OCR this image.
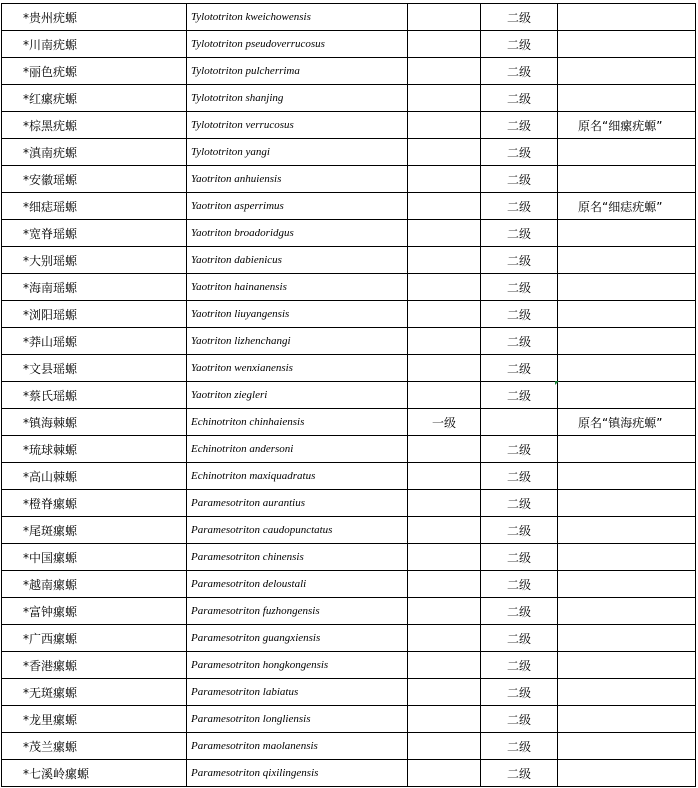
*贵州疣螈	Tylototriton kweichowensis		二级	
*川南疣螈	Tylototriton pseudoverrucosus		二级	
*丽色疣螈	Tylototriton pulcherrima		二级	
*红瘰疣螈	Tylototriton shanjing		二级	
*棕黑疣螈	Tylototriton verrucosus		二级	原名“细瘰疣螈”
*滇南疣螈	Tylototriton yangi		二级	
*安徽瑶螈	Yaotriton anhuiensis		二级	
*细痣瑶螈	Yaotriton asperrimus		二级	原名“细痣疣螈”
*宽脊瑶螈	Yaotriton broadoridgus		二级	
*大别瑶螈	Yaotriton dabienicus		二级	
*海南瑶螈	Yaotriton hainanensis		二级	
*浏阳瑶螈	Yaotriton liuyangensis		二级	
*莽山瑶螈	Yaotriton lizhenchangi		二级	
*文县瑶螈	Yaotriton wenxianensis		二级	
*蔡氏瑶螈	Yaotriton ziegleri		二级	
*镇海棘螈	Echinotriton chinhaiensis	一级		原名“镇海疣螈”
*琉球棘螈	Echinotriton andersoni		二级	
*高山棘螈	Echinotriton maxiquadratus		二级	
*橙脊瘰螈	Paramesotriton aurantius		二级	
*尾斑瘰螈	Paramesotriton caudopunctatus		二级	
*中国瘰螈	Paramesotriton chinensis		二级	
*越南瘰螈	Paramesotriton deloustali		二级	
*富钟瘰螈	Paramesotriton fuzhongensis		二级	
*广西瘰螈	Paramesotriton guangxiensis		二级	
*香港瘰螈	Paramesotriton hongkongensis		二级	
*无斑瘰螈	Paramesotriton labiatus		二级	
*龙里瘰螈	Paramesotriton longliensis		二级	
*茂兰瘰螈	Paramesotriton maolanensis		二级	
*七溪岭瘰螈	Paramesotriton qixilingensis		二级	
